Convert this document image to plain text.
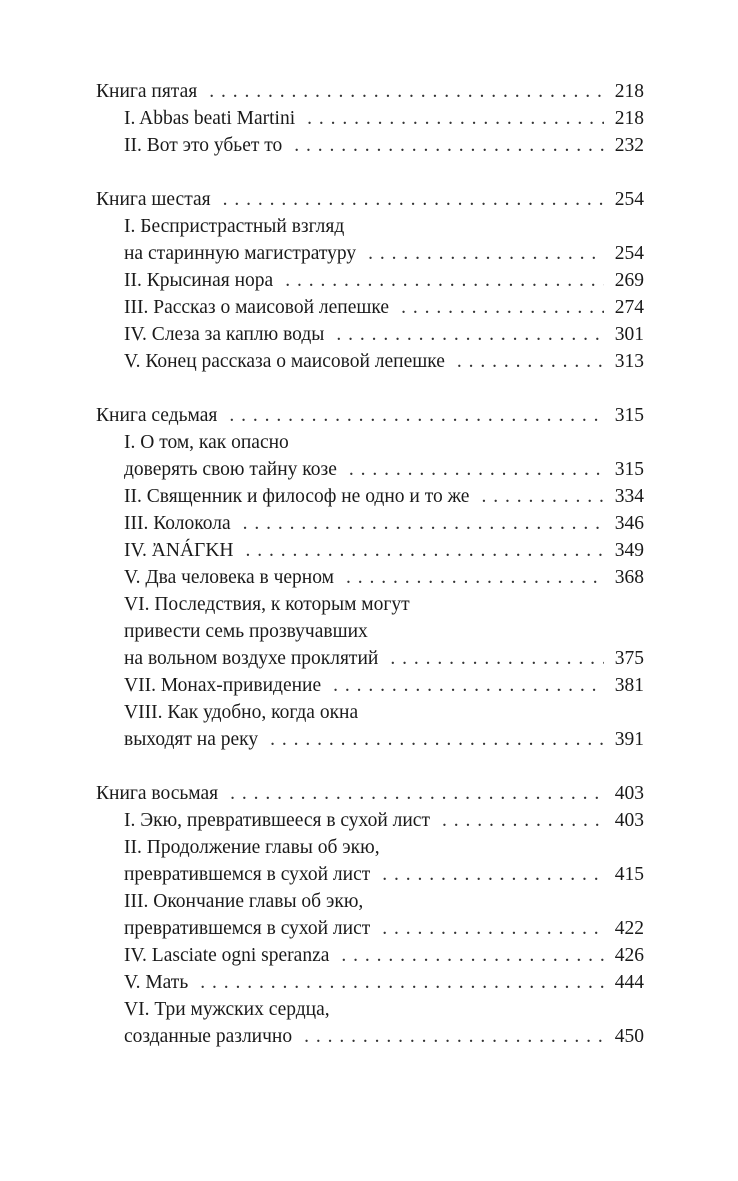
Книга пятая . . .	218
I. Abbas beati Martini . . .	218
II. Вот это убьет то . . .	232
Книга шестая . . .	254
I. Беспристрастный взгляд
на старинную магистратуру . . .	254
II. Крысиная нора . . .	269
III. Рассказ о маисовой лепешке . . .	274
IV. Слеза за каплю воды . . .	301
V. Конец рассказа о маисовой лепешке . . .	313
Книга седьмая . . .	315
I. О том, как опасно
доверять свою тайну козе . . .	315
II. Священник и философ не одно и то же . . .	334
III. Колокола . . .	346
IV. ἈΝÁΓΚΗ . . .	349
V. Два человека в черном . . .	368
VI. Последствия, к которым могут
привести семь прозвучавших
на вольном воздухе проклятий . . .	375
VII. Монах-привидение . . .	381
VIII. Как удобно, когда окна
выходят на реку . . .	391
Книга восьмая . . .	403
I. Экю, превратившееся в сухой лист . . .	403
II. Продолжение главы об экю,
превратившемся в сухой лист . . .	415
III. Окончание главы об экю,
превратившемся в сухой лист . . .	422
IV. Lasciate ogni speranza . . .	426
V. Мать . . .	444
VI. Три мужских сердца,
созданные различно . . .	450
